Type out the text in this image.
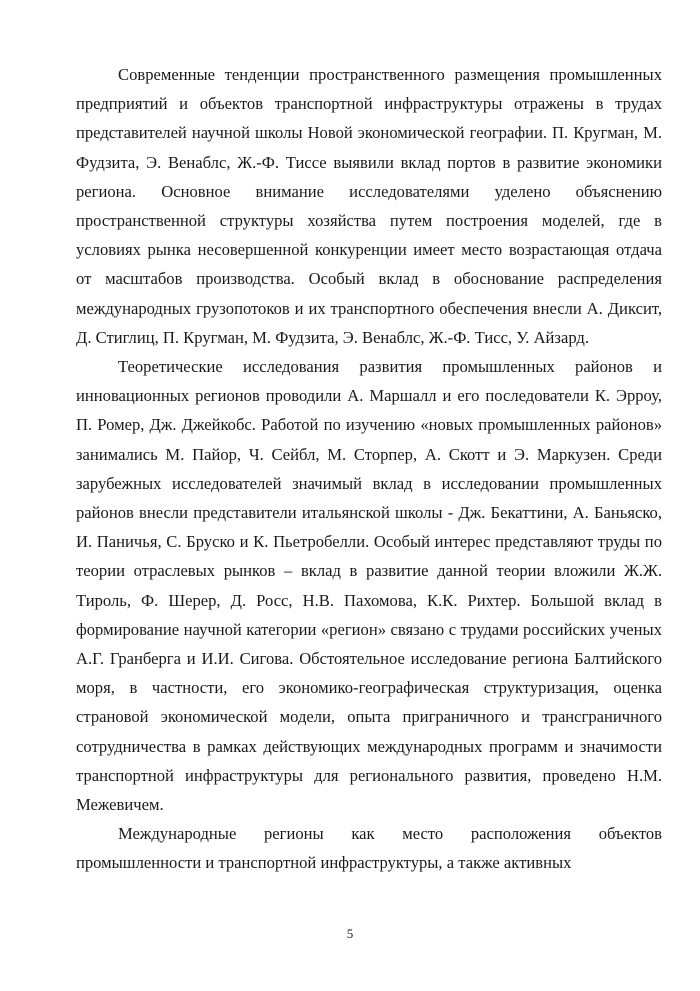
Современные тенденции пространственного размещения промышленных предприятий и объектов транспортной инфраструктуры отражены в трудах представителей научной школы Новой экономической географии. П. Кругман, М. Фудзита, Э. Венаблс, Ж.-Ф. Тиссе выявили вклад портов в развитие экономики региона. Основное внимание исследователями уделено объяснению пространственной структуры хозяйства путем построения моделей, где в условиях рынка несовершенной конкуренции имеет место возрастающая отдача от масштабов производства. Особый вклад в обоснование распределения международных грузопотоков и их транспортного обеспечения внесли А. Диксит, Д. Стиглиц, П. Кругман, М. Фудзита, Э. Венаблс, Ж.-Ф. Тисс, У. Айзард.

Теоретические исследования развития промышленных районов и инновационных регионов проводили А. Маршалл и его последователи К. Эрроу, П. Ромер, Дж. Джейкобс. Работой по изучению «новых промышленных районов» занимались М. Пайор, Ч. Сейбл, М. Сторпер, А. Скотт и Э. Маркузен. Среди зарубежных исследователей значимый вклад в исследовании промышленных районов внесли представители итальянской школы - Дж. Бекаттини, А. Баньяско, И. Паничья, С. Бруско и К. Пьетробелли. Особый интерес представляют труды по теории отраслевых рынков – вклад в развитие данной теории вложили Ж.Ж. Тироль, Ф. Шерер, Д. Росс, Н.В. Пахомова, К.К. Рихтер. Большой вклад в формирование научной категории «регион» связано с трудами российских ученых А.Г. Гранберга и И.И. Сигова. Обстоятельное исследование региона Балтийского моря, в частности, его экономико-географическая структуризация, оценка страновой экономической модели, опыта приграничного и трансграничного сотрудничества в рамках действующих международных программ и значимости транспортной инфраструктуры для регионального развития, проведено Н.М. Межевичем.

Международные регионы как место расположения объектов промышленности и транспортной инфраструктуры, а также активных

5
